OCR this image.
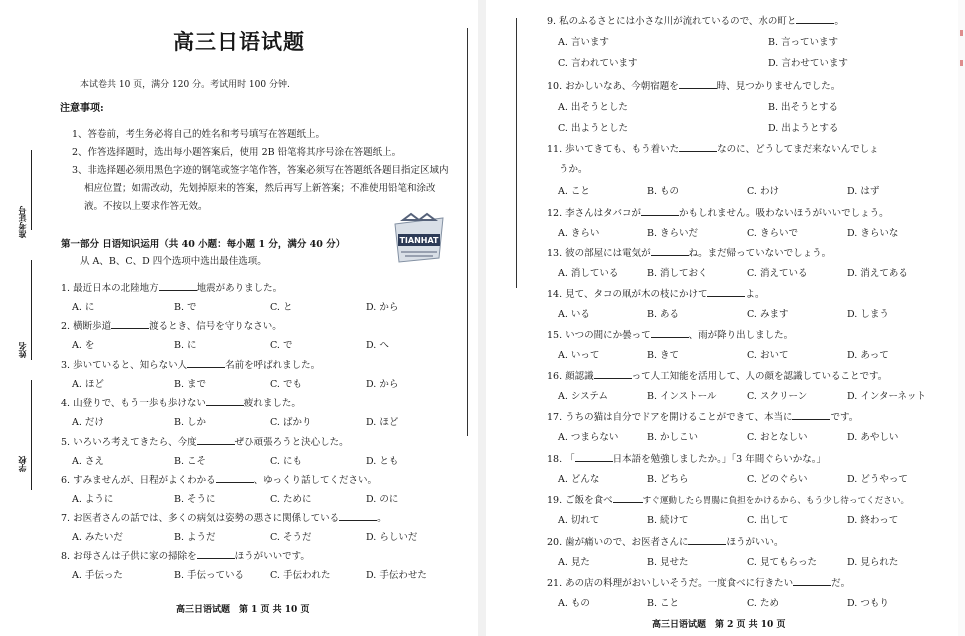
准考证号
姓名
学校
高三日语试题
本试卷共 10 页，满分 120 分。考试用时 100 分钟.
注意事项:
1、答卷前，考生务必将自己的姓名和考号填写在答题纸上。
2、作答选择题时，选出每小题答案后，使用 2B 铅笔将其序号涂在答题纸上。
3、非选择题必须用黑色字迹的钢笔或签字笔作答，答案必须写在答题纸各题目指定区域内相应位置；如需改动，先划掉原来的答案，然后再写上新答案；不准使用铅笔和涂改液。不按以上要求作答无效。
TIANHAT
第一部分 日语知识运用（共 40 小题：每小题 1 分，满分 40 分）
从 A、B、C、D 四个选项中选出最佳选项。
1. 最近日本の北陸地方	地震がありました。
A. に	B. で	C. と	D. から
2. 横断歩道	渡るとき、信号を守りなさい。
A. を	B. に	C. で	D. へ
3. 歩いていると、知らない人	名前を呼ばれました。
A. ほど	B. まで	C. でも	D. から
4. 山登りで、もう一歩も歩けない	疲れました。
A. だけ	B. しか	C. ばかり	D. ほど
5. いろいろ考えてきたら、今度	ぜひ頑張ろうと決心した。
A. さえ	B. こそ	C. にも	D. とも
6. すみませんが、日程がよくわかる	、ゆっくり話してください。
A. ように	B. そうに	C. ために	D. のに
7. お医者さんの話では、多くの病気は姿勢の悪さに関係している	。
A. みたいだ	B. ようだ	C. そうだ	D. らしいだ
8. お母さんは子供に家の掃除を	ほうがいいです。
A. 手伝った	B. 手伝っている	C. 手伝われた	D. 手伝わせた
高三日语试题　第 1 页 共 10 页
9. 私のふるさとには小さな川が流れているので、水の町と	。
A. 言います	B. 言っています
C. 言われています	D. 言わせています
10. おかしいなあ、今朝宿題を	時、見つかりませんでした。
A. 出そうとした	B. 出そうとする
C. 出ようとした	D. 出ようとする
11. 歩いてきても、もう着いた	なのに、どうしてまだ来ないんでしょ
うか。
A. こと	B. もの	C. わけ	D. はず
12. 李さんはタバコが	かもしれません。吸わないほうがいいでしょう。
A. きらい	B. きらいだ	C. きらいで	D. きらいな
13. 彼の部屋には電気が	ね。まだ帰っていないでしょう。
A. 消している	B. 消しておく	C. 消えている	D. 消えてある
14. 見て、タコの凧が木の枝にかけて	よ。
A. いる	B. ある	C. みます	D. しまう
15. いつの間にか曇って	、雨が降り出しました。
A. いって	B. きて	C. おいて	D. あって
16. 顔認識	って人工知能を活用して、人の顔を認識していることです。
A. システム	B. インストール	C. スクリーン	D. インターネット
17. うちの猫は自分でドアを開けることができて、本当に	です。
A. つまらない	B. かしこい	C. おとなしい	D. あやしい
18. 「	日本語を勉強しましたか。」「3 年間ぐらいかな。」
A. どんな	B. どちら	C. どのぐらい	D. どうやって
19. ご飯を食べ	すぐ運動したら胃腸に負担をかけるから、もう少し待ってください。
A. 切れて	B. 続けて	C. 出して	D. 終わって
20. 歯が痛いので、お医者さんに	ほうがいい。
A. 見た	B. 見せた	C. 見てもらった	D. 見られた
21. あの店の料理がおいしいそうだ。一度食べに行きたい	だ。
A. もの	B. こと	C. ため	D. つもり
高三日语试题　第 2 页 共 10 页
